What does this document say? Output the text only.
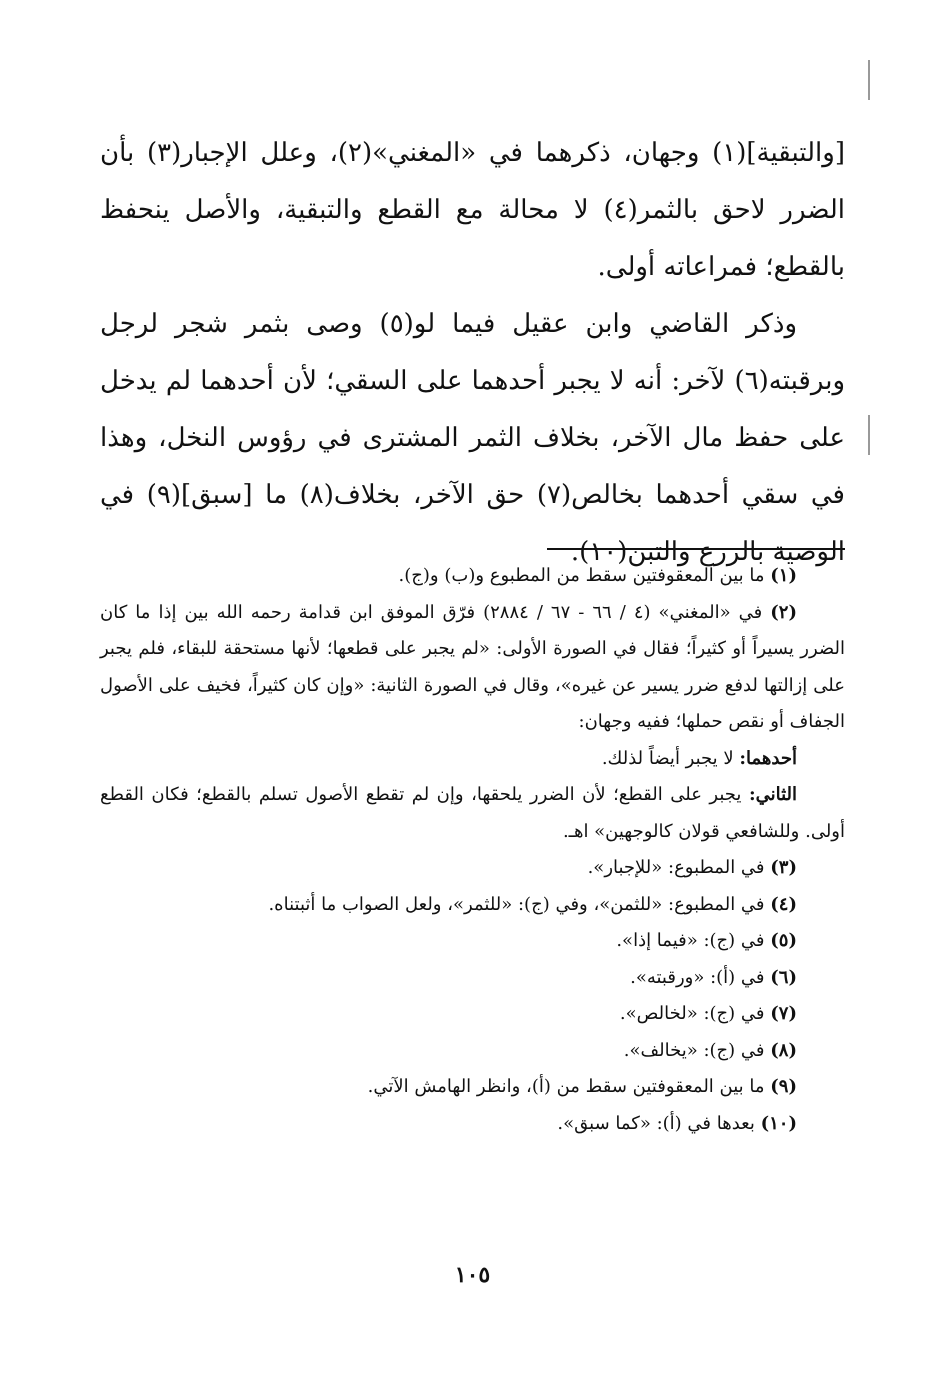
[والتبقية](١) وجهان، ذكرهما في «المغني»(٢)، وعلل الإجبار(٣) بأن الضرر لاحق بالثمر(٤) لا محالة مع القطع والتبقية، والأصل ينحفظ بالقطع؛ فمراعاته أولى.

وذكر القاضي وابن عقيل فيما لو(٥) وصى بثمر شجر لرجل وبرقبته(٦) لآخر: أنه لا يجبر أحدهما على السقي؛ لأن أحدهما لم يدخل على حفظ مال الآخر، بخلاف الثمر المشترى في رؤوس النخل، وهذا في سقي أحدهما بخالص(٧) حق الآخر، بخلاف(٨) ما [سبق](٩) في الوصية بالزرع والتبن(١٠).

(١) ما بين المعقوفتين سقط من المطبوع و(ب) و(ج).

(٢) في «المغني» (٤ / ٦٦ - ٦٧ / ٢٨٨٤) فرّق الموفق ابن قدامة رحمه الله بين إذا ما كان الضرر يسيراً أو كثيراً؛ فقال في الصورة الأولى: «لم يجبر على قطعها؛ لأنها مستحقة للبقاء، فلم يجبر على إزالتها لدفع ضرر يسير عن غيره»، وقال في الصورة الثانية: «وإن كان كثيراً، فخيف على الأصول الجفاف أو نقص حملها؛ ففيه وجهان:

أحدهما: لا يجبر أيضاً لذلك.

الثاني: يجبر على القطع؛ لأن الضرر يلحقها، وإن لم تقطع الأصول تسلم بالقطع؛ فكان القطع أولى. وللشافعي قولان كالوجهين» اهـ.

(٣) في المطبوع: «للإجبار».

(٤) في المطبوع: «للثمن»، وفي (ج): «للثمر»، ولعل الصواب ما أثبتناه.

(٥) في (ج): «فيما إذا».

(٦) في (أ): «ورقبته».

(٧) في (ج): «لخالص».

(٨) في (ج): «يخالف».

(٩) ما بين المعقوفتين سقط من (أ)، وانظر الهامش الآتي.

(١٠) بعدها في (أ): «كما سبق».

١٠٥
